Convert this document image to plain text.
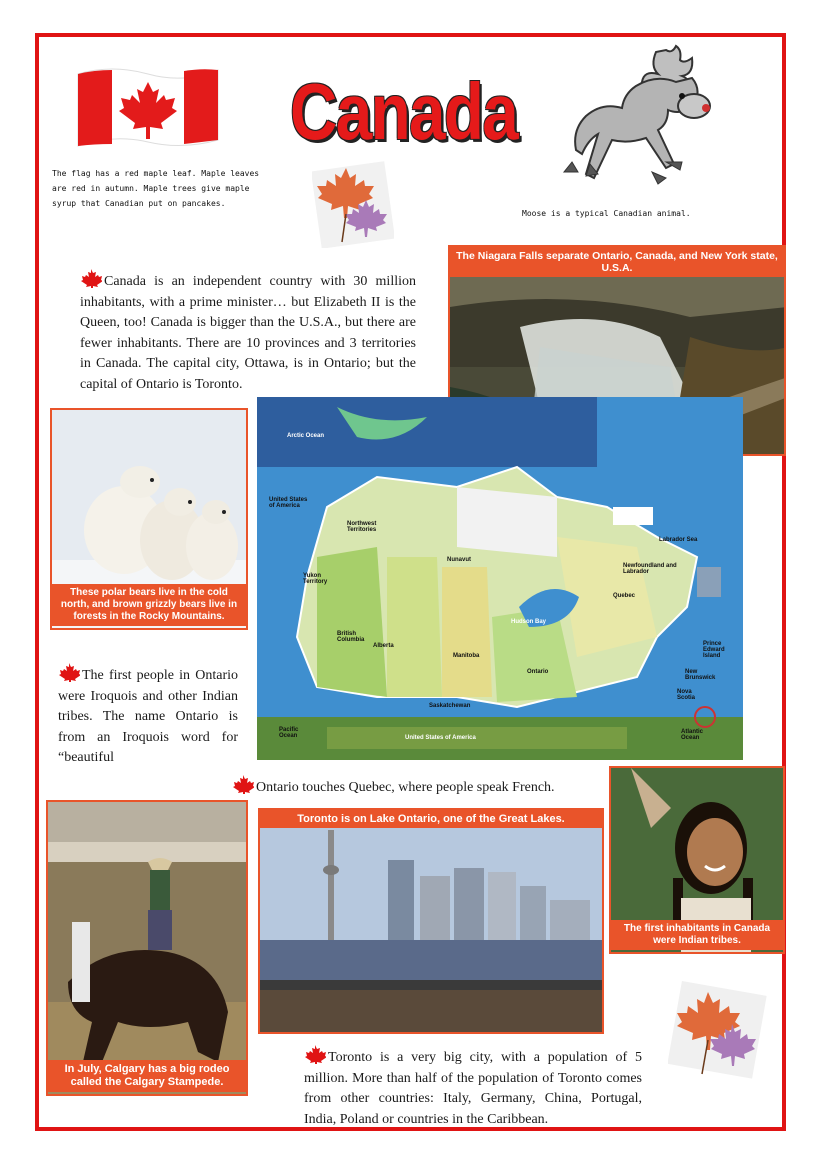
The flag has a red maple leaf. Maple leaves are red in autumn. Maple trees give maple syrup that Canadian put on pancakes.
Canada
Moose is a typical Canadian animal.
Canada is an independent country with 30 million inhabitants, with a prime minister… but Elizabeth II is the Queen, too! Canada is bigger than the U.S.A., but there are fewer inhabitants. There are 10 provinces and 3 territories in Canada. The capital city, Ottawa, is in Ontario; but the capital of Ontario is Toronto.
The Niagara Falls separate Ontario, Canada, and New York state, U.S.A.
These polar bears live in the cold north, and brown grizzly bears live in forests in the Rocky Mountains.
Arctic Ocean
United States of America
Northwest Territories
Yukon Territory
Nunavut
Labrador Sea
Newfoundland and Labrador
Quebec
British Columbia
Alberta
Saskatchewan
Manitoba
Hudson Bay
Ontario
Prince Edward Island
New Brunswick
Nova Scotia
Atlantic Ocean
Pacific Ocean	United States of America
The first people in Ontario were Iroquois and other Indian tribes. The name Ontario is from an Iroquois word for “beautiful
Ontario touches Quebec, where people speak French.
In July, Calgary has a big rodeo called the Calgary Stampede.
Toronto is on Lake Ontario, one of the Great Lakes.
The first inhabitants in Canada were Indian tribes.
Toronto is a very big city, with a population of 5 million. More than half of the population of Toronto comes from other countries: Italy, Germany, China, Portugal, India, Poland or countries in the Caribbean.
